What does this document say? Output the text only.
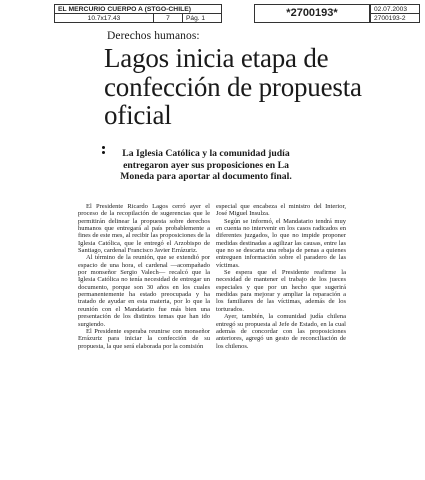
EL MERCURIO CUERPO A (STGO-CHILE)
10.7x17.43	7	Pág. 1	*2700193*	02.07.2003
2700193-2
Derechos humanos:
Lagos inicia etapa de confección de propuesta oficial

La Iglesia Católica y la comunidad judía entregaron ayer sus proposiciones en La Moneda para aportar al documento final.

El Presidente Ricardo Lagos cerró ayer el proceso de la recopilación de sugerencias que le permitirán delinear la propuesta sobre derechos humanos que entregará al país probablemente a fines de este mes, al recibir las proposiciones de la Iglesia Católica, que le entregó el Arzobispo de Santiago, cardenal Francisco Javier Errázuriz.

Al término de la reunión, que se extendió por espacio de una hora, el cardenal —acompañado por monseñor Sergio Valech— recalcó que la Iglesia Católica no tenía necesidad de entregar un documento, porque son 30 años en los cuales permanentemente ha estado preocupada y ha tratado de ayudar en esta materia, por lo que la reunión con el Mandatario fue más bien una presentación de los distintos temas que han ido surgiendo.

El Presidente esperaba reunirse con monseñor Errázuriz para iniciar la confección de su propuesta, la que será elaborada por la comisión

especial que encabeza el ministro del Interior, José Miguel Insulza.

Según se informó, el Mandatario tendrá muy en cuenta no intervenir en los casos radicados en diferentes juzgados, lo que no impide proponer medidas destinadas a agilizar las causas, entre las que no se descarta una rebaja de penas a quienes entreguen información sobre el paradero de las víctimas.

Se espera que el Presidente reafirme la necesidad de mantener el trabajo de los jueces especiales y que por un hecho que sugerirá medidas para mejorar y ampliar la reparación a los familiares de las víctimas, además de los torturados.

Ayer, también, la comunidad judía chilena entregó su propuesta al Jefe de Estado, en la cual además de concordar con las proposiciones anteriores, agregó un gesto de reconciliación de los chilenos.
